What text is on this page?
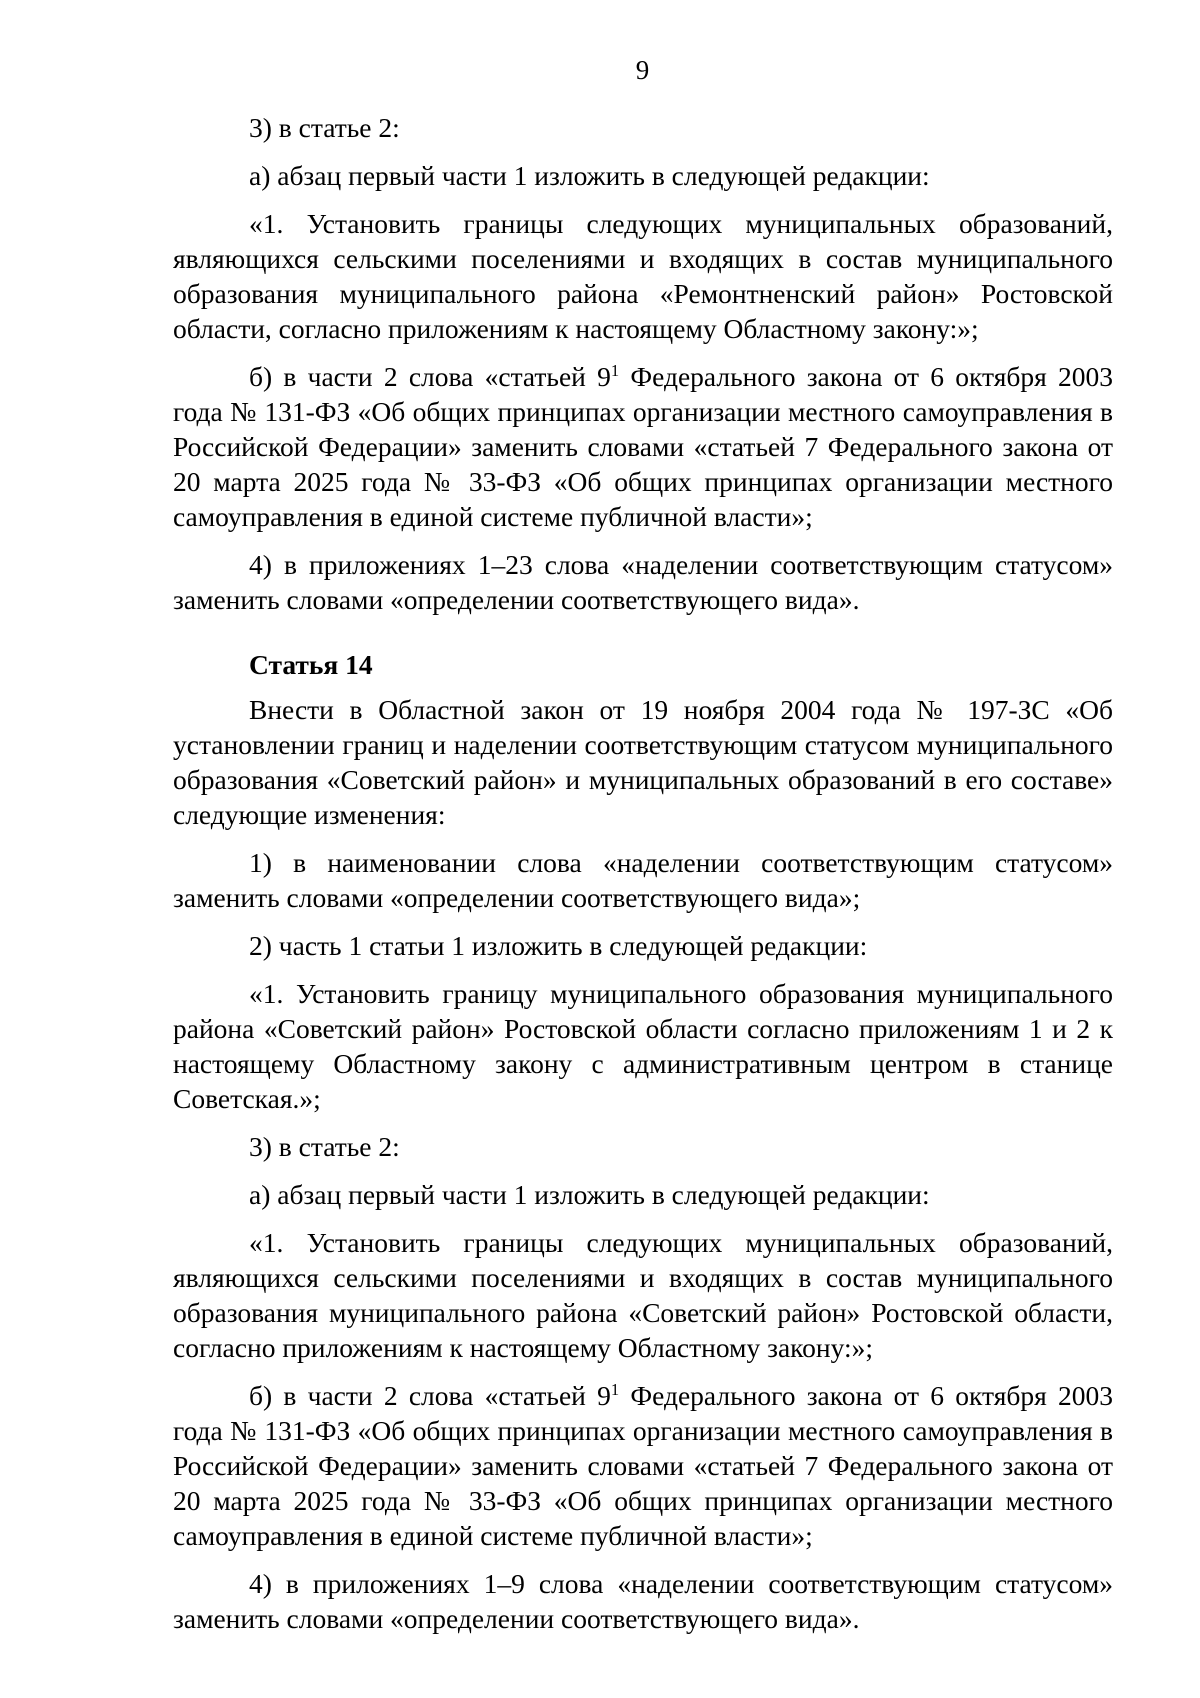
9

3) в статье 2:

а) абзац первый части 1 изложить в следующей редакции:

«1. Установить границы следующих муниципальных образований, являющихся сельскими поселениями и входящих в состав муниципального образования муниципального района «Ремонтненский район» Ростовской области, согласно приложениям к настоящему Областному закону:»;

б) в части 2 слова «статьей $9^1$ Федерального закона от 6 октября 2003 года № 131-ФЗ «Об общих принципах организации местного самоуправления в Российской Федерации» заменить словами «статьей 7 Федерального закона от 20 марта 2025 года № 33-ФЗ «Об общих принципах организации местного самоуправления в единой системе публичной власти»;

4) в приложениях 1–23 слова «наделении соответствующим статусом» заменить словами «определении соответствующего вида».

Статья 14

Внести в Областной закон от 19 ноября 2004 года № 197-ЗС «Об установлении границ и наделении соответствующим статусом муниципального образования «Советский район» и муниципальных образований в его составе» следующие изменения:

1) в наименовании слова «наделении соответствующим статусом» заменить словами «определении соответствующего вида»;

2) часть 1 статьи 1 изложить в следующей редакции:

«1. Установить границу муниципального образования муниципального района «Советский район» Ростовской области согласно приложениям 1 и 2 к настоящему Областному закону с административным центром в станице Советская.»;

3) в статье 2:

а) абзац первый части 1 изложить в следующей редакции:

«1. Установить границы следующих муниципальных образований, являющихся сельскими поселениями и входящих в состав муниципального образования муниципального района «Советский район» Ростовской области, согласно приложениям к настоящему Областному закону:»;

б) в части 2 слова «статьей $9^1$ Федерального закона от 6 октября 2003 года № 131-ФЗ «Об общих принципах организации местного самоуправления в Российской Федерации» заменить словами «статьей 7 Федерального закона от 20 марта 2025 года № 33-ФЗ «Об общих принципах организации местного самоуправления в единой системе публичной власти»;

4) в приложениях 1–9 слова «наделении соответствующим статусом» заменить словами «определении соответствующего вида».
